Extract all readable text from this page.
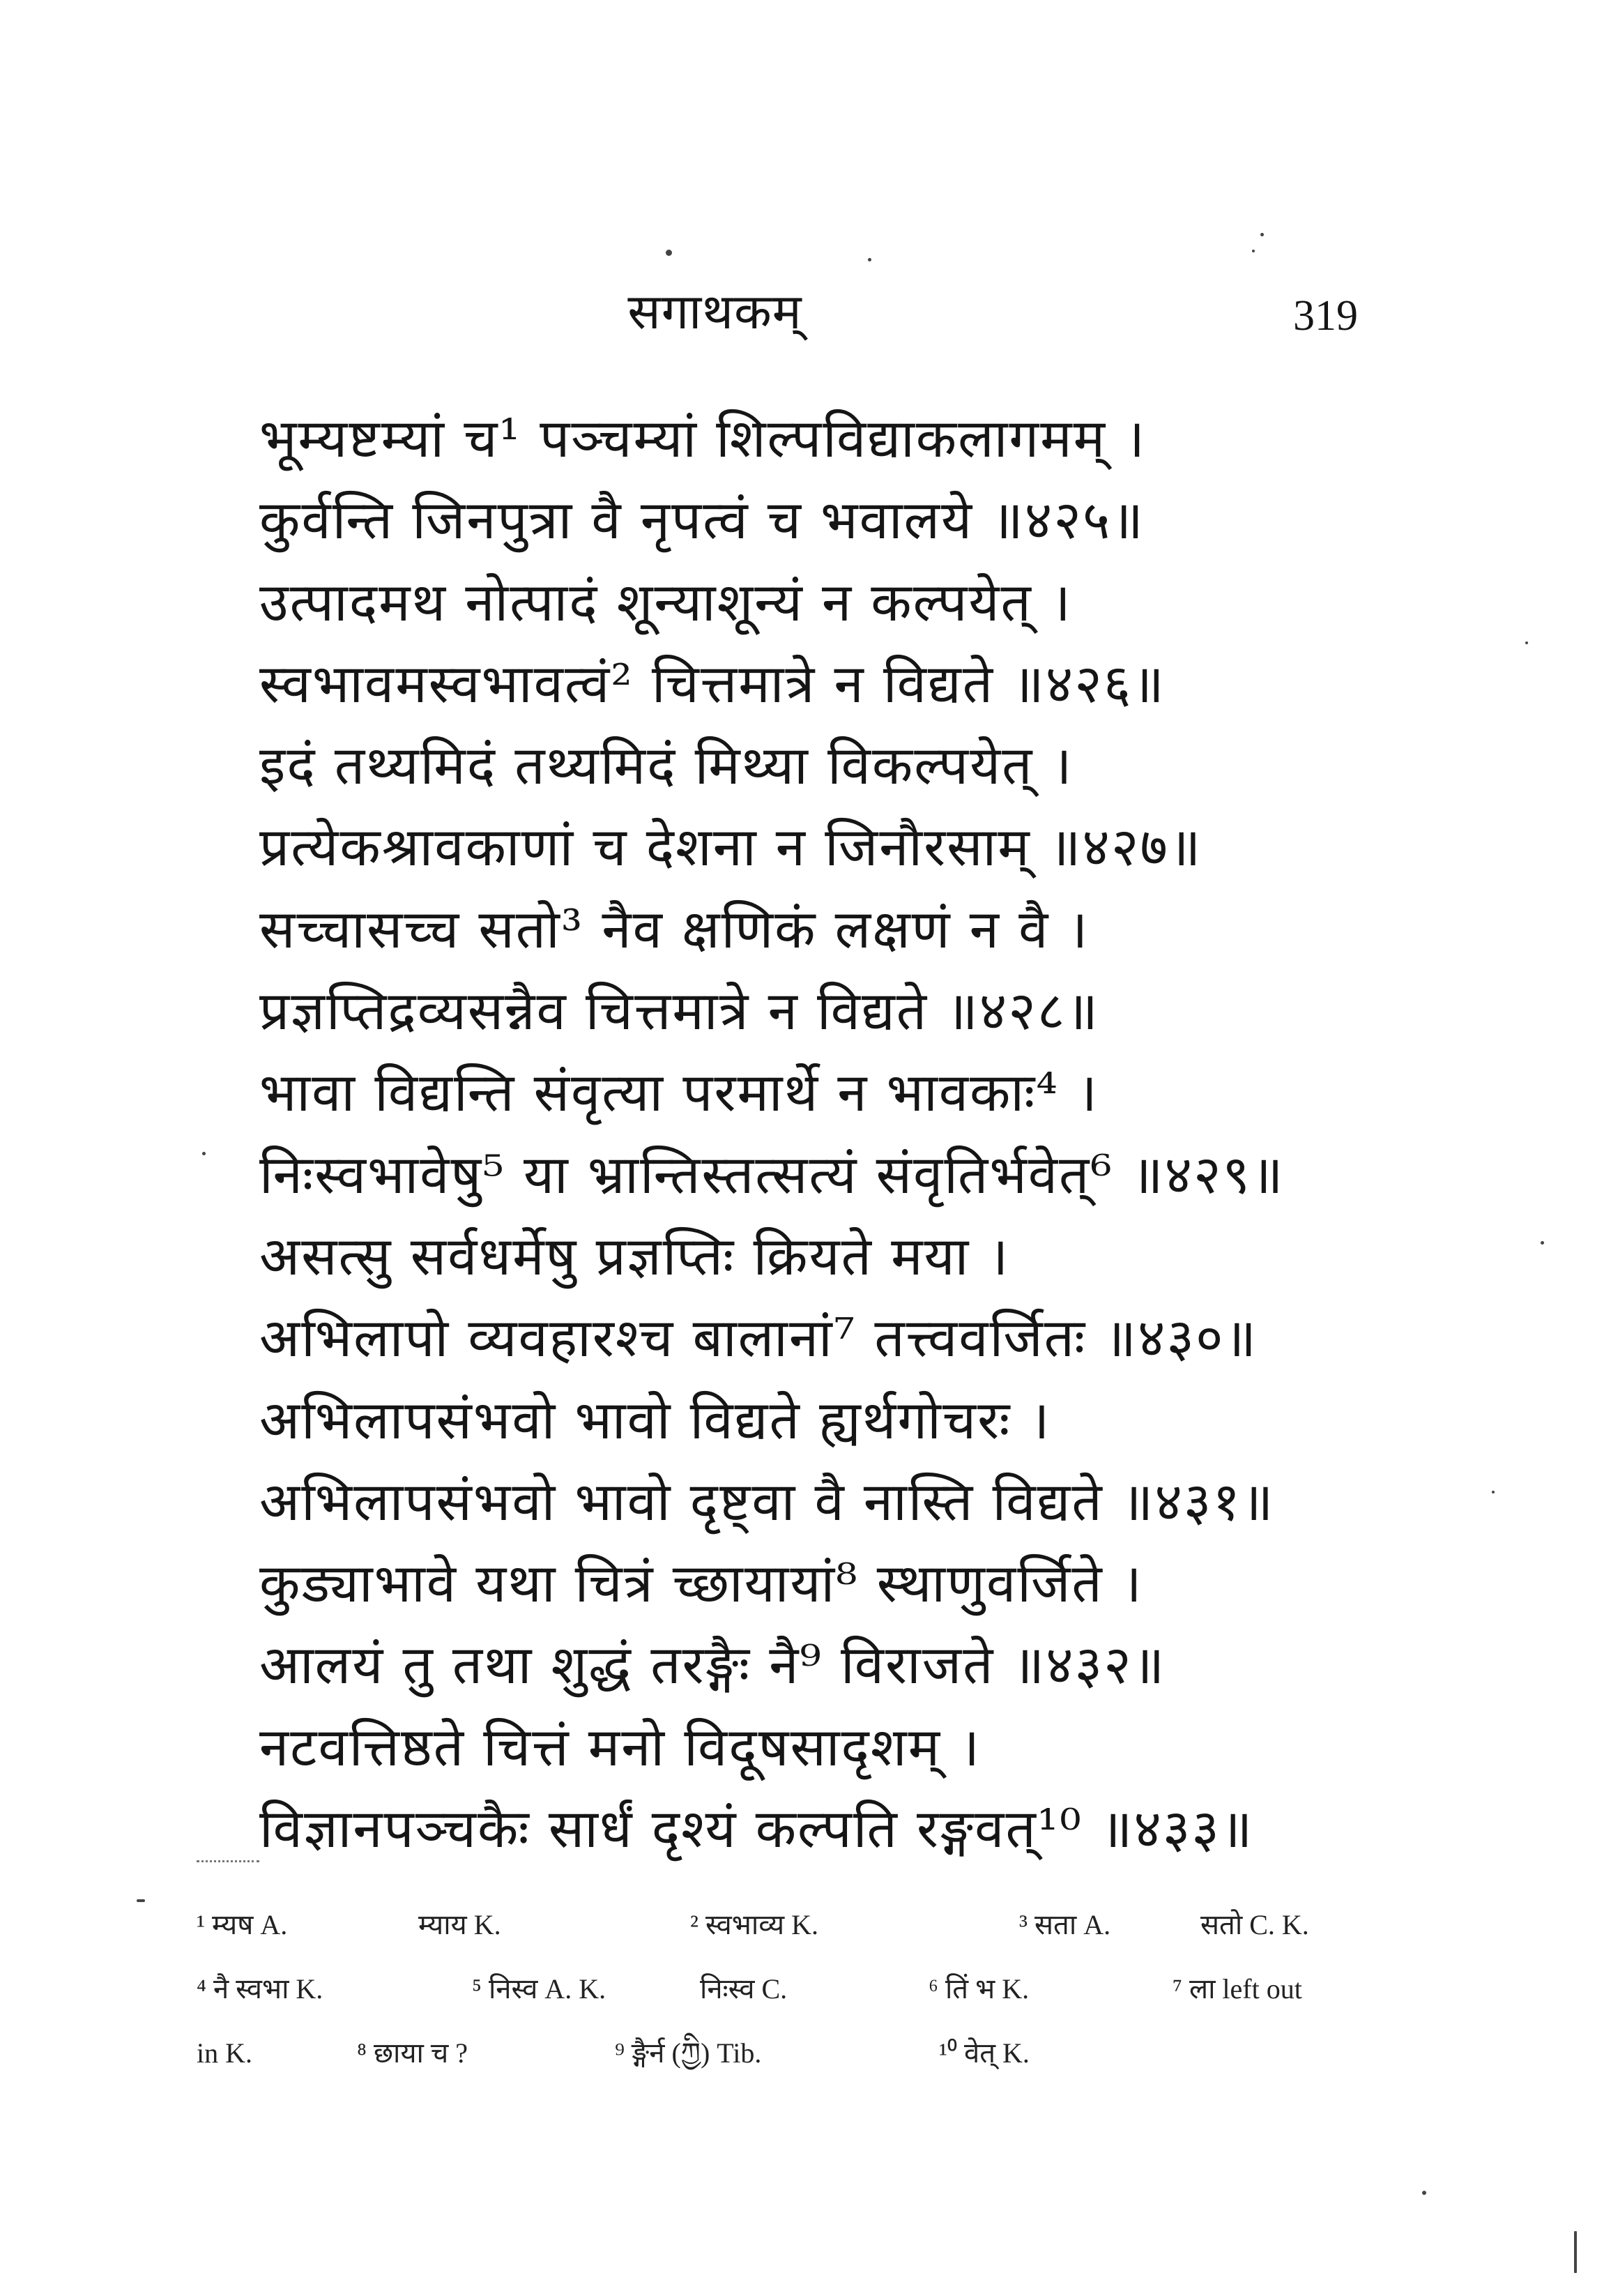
सगाथकम्	319
भूम्यष्टम्यां च¹ पञ्चम्यां शिल्पविद्याकलागमम् ।
कुर्वन्ति जिनपुत्रा वै नृपत्वं च भवालये ॥४२५॥
उत्पादमथ नोत्पादं शून्याशून्यं न कल्पयेत् ।
स्वभावमस्वभावत्वं² चित्तमात्रे न विद्यते ॥४२६॥
इदं तथ्यमिदं तथ्यमिदं मिथ्या विकल्पयेत् ।
प्रत्येकश्रावकाणां च देशना न जिनौरसाम् ॥४२७॥
सच्चासच्च सतो³ नैव क्षणिकं लक्षणं न वै ।
प्रज्ञप्तिद्रव्यसन्नैव चित्तमात्रे न विद्यते ॥४२८॥
भावा विद्यन्ति संवृत्या परमार्थे न भावकाः⁴ ।
निःस्वभावेषु⁵ या भ्रान्तिस्तत्सत्यं संवृतिर्भवेत्⁶ ॥४२९॥
असत्सु सर्वधर्मेषु प्रज्ञप्तिः क्रियते मया ।
अभिलापो व्यवहारश्च बालानां⁷ तत्त्ववर्जितः ॥४३०॥
अभिलापसंभवो भावो विद्यते ह्यर्थगोचरः ।
अभिलापसंभवो भावो दृष्ट्वा वै नास्ति विद्यते ॥४३१॥
कुड्याभावे यथा चित्रं च्छायायां⁸ स्थाणुवर्जिते ।
आलयं तु तथा शुद्धं तरङ्गैः नै⁹ विराजते ॥४३२॥
नटवत्तिष्ठते चित्तं मनो विदूषसादृशम् ।
विज्ञानपञ्चकैः सार्धं दृश्यं कल्पति रङ्गवत्¹⁰ ॥४३३॥
¹ म्यष A.	म्याय K.	² स्वभाव्य K.	³ सता A.	सतो C. K.
⁴ नै स्वभा K.	⁵ निस्व A. K.	निःस्व C.	⁶ तिं भ K.	⁷ ला left out
in K.	⁸ छाया च ?	⁹ ङ्गैर्न (ཀྱི) Tib.	¹⁰ वेत् K.
